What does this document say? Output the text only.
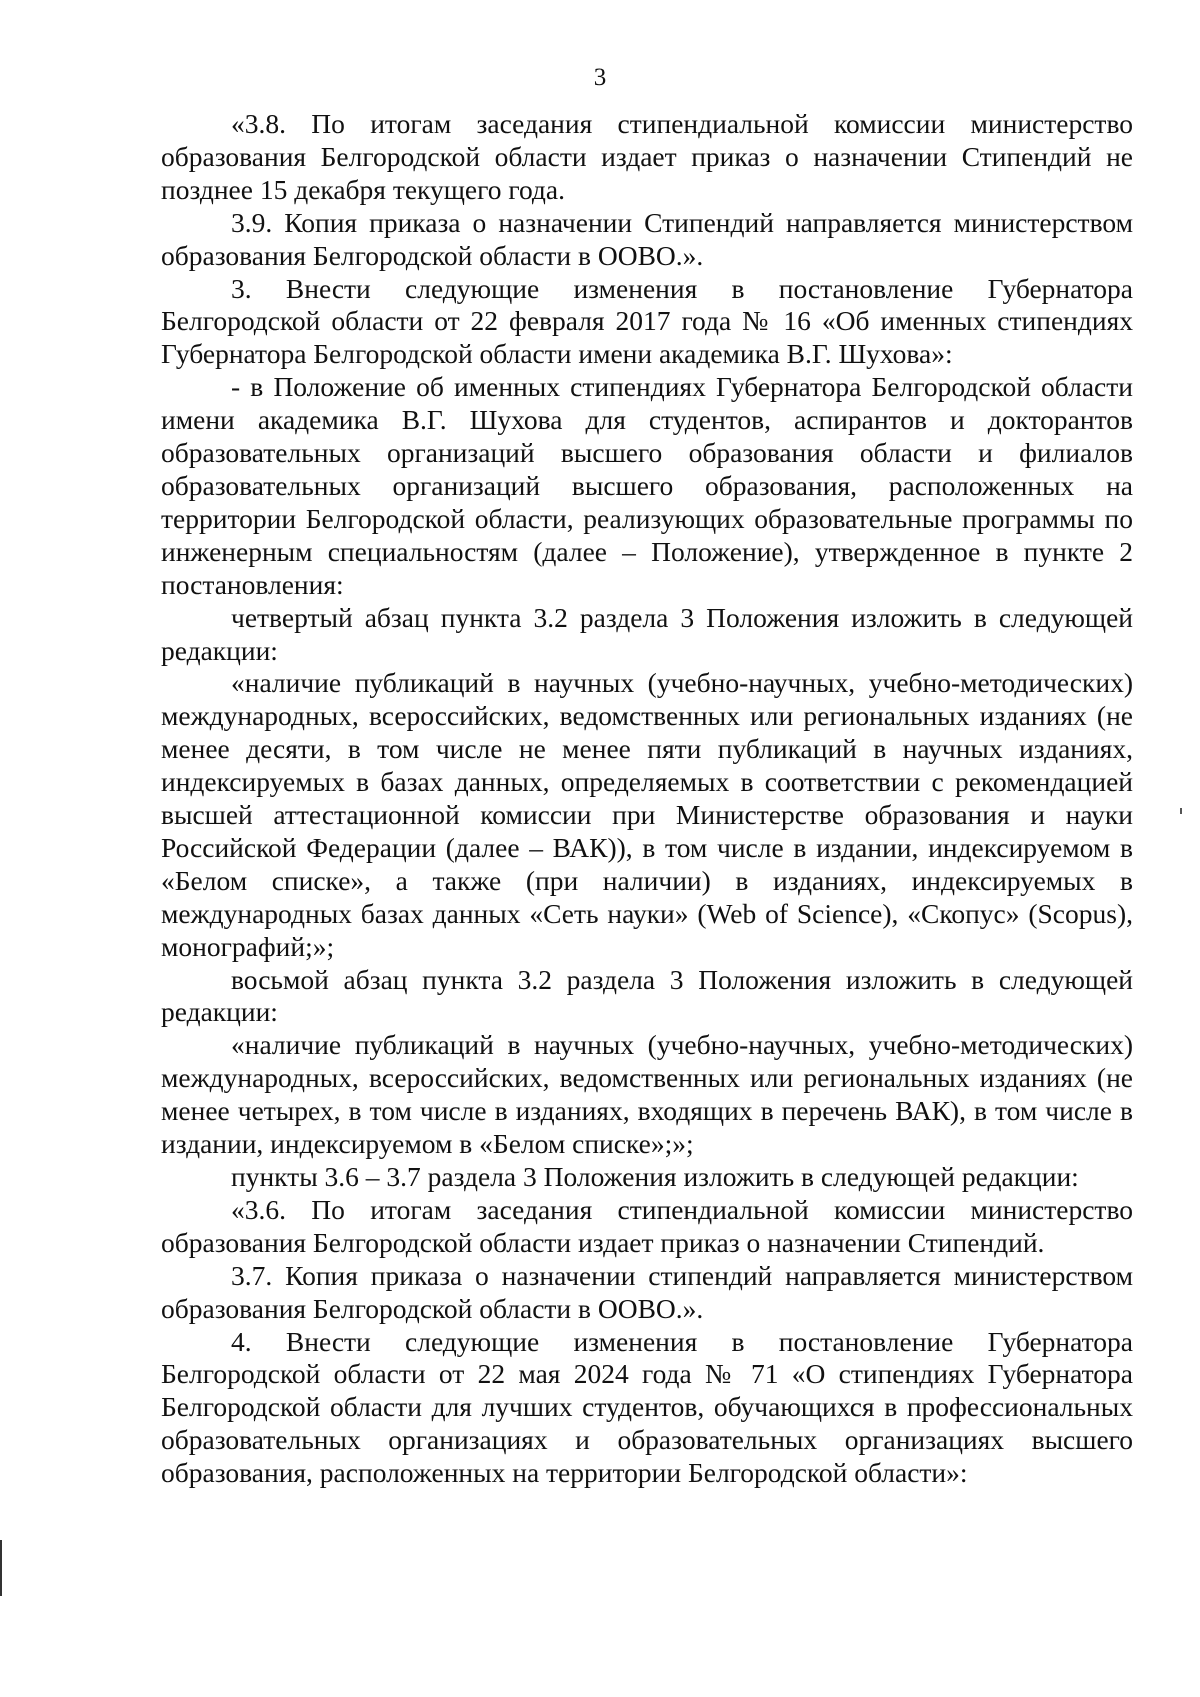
3

«3.8. По итогам заседания стипендиальной комиссии министерство образования Белгородской области издает приказ о назначении Стипендий не позднее 15 декабря текущего года.

3.9. Копия приказа о назначении Стипендий направляется министерством образования Белгородской области в ООВО.».

3. Внести следующие изменения в постановление Губернатора Белгородской области от 22 февраля 2017 года № 16 «Об именных стипендиях Губернатора Белгородской области имени академика В.Г. Шухова»:

- в Положение об именных стипендиях Губернатора Белгородской области имени академика В.Г. Шухова для студентов, аспирантов и докторантов образовательных организаций высшего образования области и филиалов образовательных организаций высшего образования, расположенных на территории Белгородской области, реализующих образовательные программы по инженерным специальностям (далее – Положение), утвержденное в пункте 2 постановления:

четвертый абзац пункта 3.2 раздела 3 Положения изложить в следующей редакции:

«наличие публикаций в научных (учебно-научных, учебно-методических) международных, всероссийских, ведомственных или региональных изданиях (не менее десяти, в том числе не менее пяти публикаций в научных изданиях, индексируемых в базах данных, определяемых в соответствии с рекомендацией высшей аттестационной комиссии при Министерстве образования и науки Российской Федерации (далее – ВАК)), в том числе в издании, индексируемом в «Белом списке», а также (при наличии) в изданиях, индексируемых в международных базах данных «Сеть науки» (Web of Science), «Скопус» (Scopus), монографий;»;

восьмой абзац пункта 3.2 раздела 3 Положения изложить в следующей редакции:

«наличие публикаций в научных (учебно-научных, учебно-методических) международных, всероссийских, ведомственных или региональных изданиях (не менее четырех, в том числе в изданиях, входящих в перечень ВАК), в том числе в издании, индексируемом в «Белом списке»;»;

пункты 3.6 – 3.7 раздела 3 Положения изложить в следующей редакции:

«3.6. По итогам заседания стипендиальной комиссии министерство образования Белгородской области издает приказ о назначении Стипендий.

3.7. Копия приказа о назначении стипендий направляется министерством образования Белгородской области в ООВО.».

4. Внести следующие изменения в постановление Губернатора Белгородской области от 22 мая 2024 года № 71 «О стипендиях Губернатора Белгородской области для лучших студентов, обучающихся в профессиональных образовательных организациях и образовательных организациях высшего образования, расположенных на территории Белгородской области»:
